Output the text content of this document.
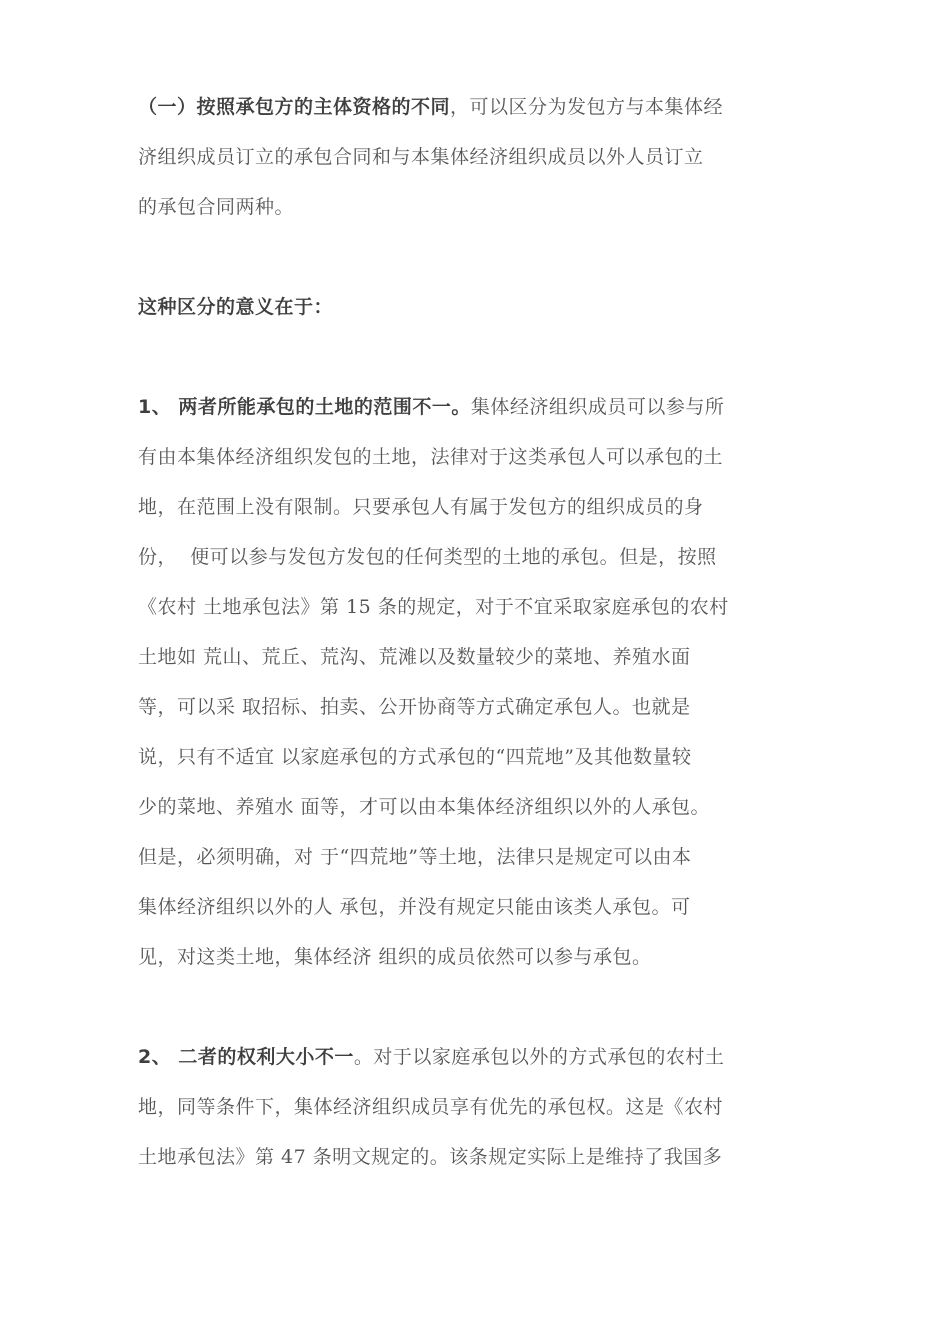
（一）按照承包方的主体资格的不同，可以区分为发包方与本集体经
济组织成员订立的承包合同和与本集体经济组织成员以外人员订立
的承包合同两种。

这种区分的意义在于：

1、 两者所能承包的土地的范围不一。集体经济组织成员可以参与所
有由本集体经济组织发包的土地，法律对于这类承包人可以承包的土
地，在范围上没有限制。只要承包人有属于发包方的组织成员的身
份，  便可以参与发包方发包的任何类型的土地的承包。但是，按照
《农村 土地承包法》第 15 条的规定，对于不宜采取家庭承包的农村
土地如 荒山、荒丘、荒沟、荒滩以及数量较少的菜地、养殖水面
等，可以采 取招标、拍卖、公开协商等方式确定承包人。也就是
说，只有不适宜 以家庭承包的方式承包的“四荒地”及其他数量较
少的菜地、养殖水 面等，才可以由本集体经济组织以外的人承包。
但是，必须明确，对 于“四荒地”等土地，法律只是规定可以由本
集体经济组织以外的人 承包，并没有规定只能由该类人承包。可
见，对这类土地，集体经济 组织的成员依然可以参与承包。

2、 二者的权利大小不一。对于以家庭承包以外的方式承包的农村土
地，同等条件下，集体经济组织成员享有优先的承包权。这是《农村
土地承包法》第 47 条明文规定的。该条规定实际上是维持了我国多
